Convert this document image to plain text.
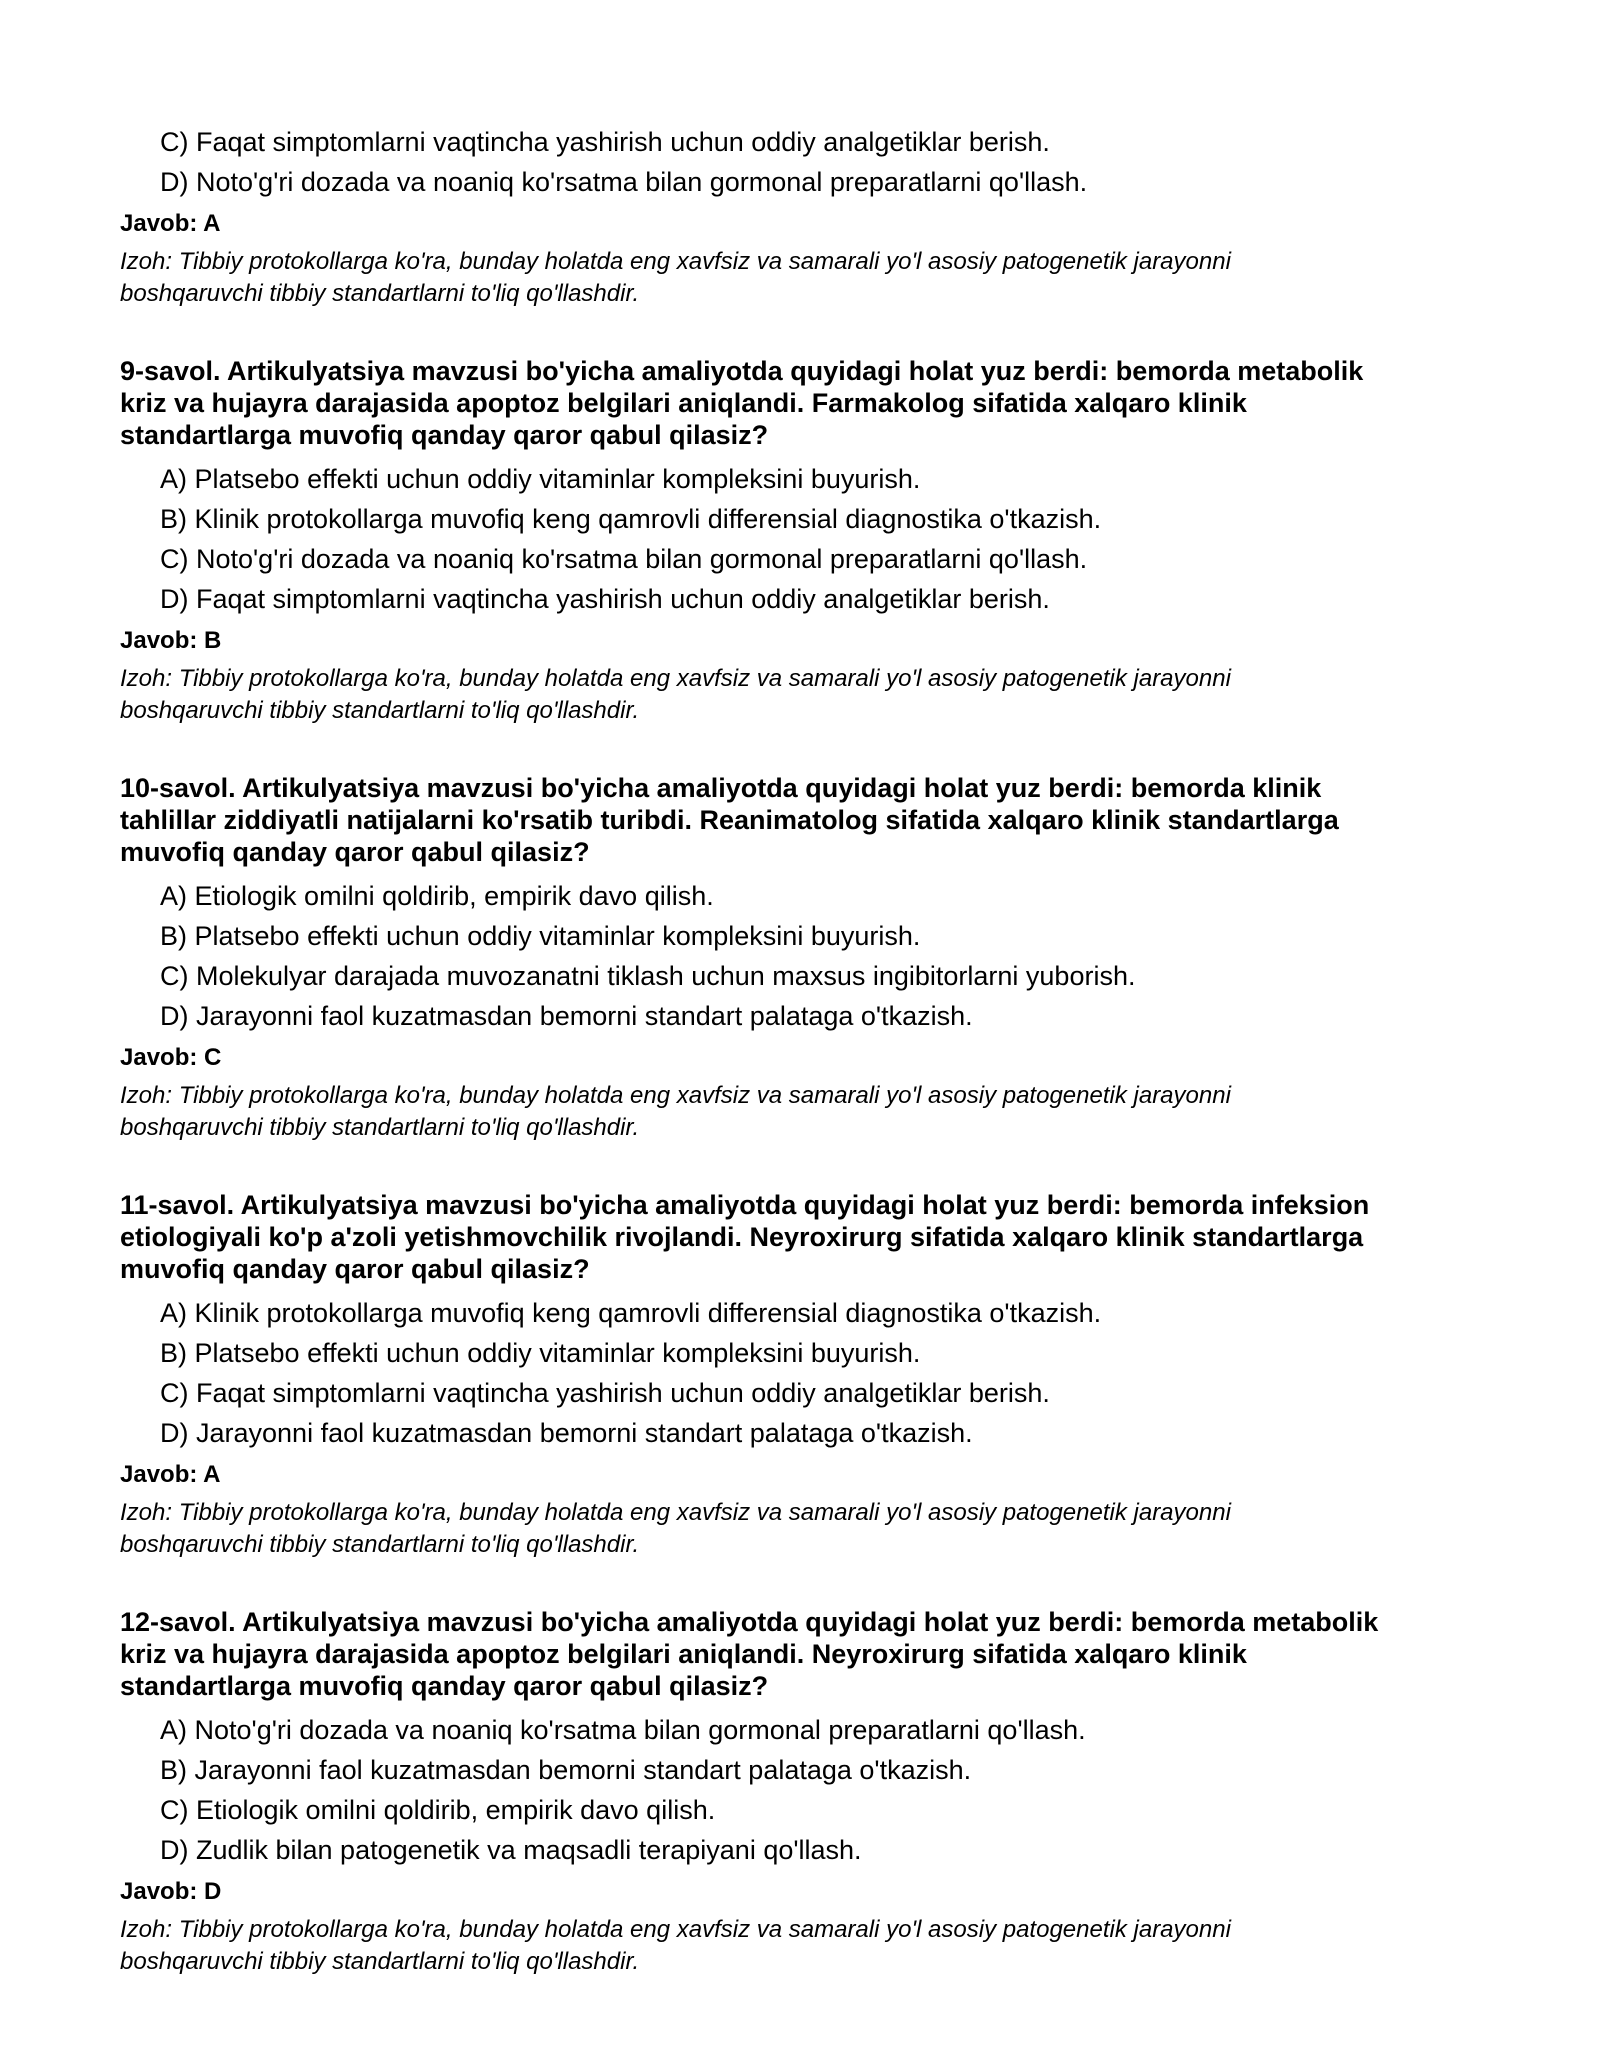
C) Faqat simptomlarni vaqtincha yashirish uchun oddiy analgetiklar berish.
D) Noto'g'ri dozada va noaniq ko'rsatma bilan gormonal preparatlarni qo'llash.
Javob: A
Izoh: Tibbiy protokollarga ko'ra, bunday holatda eng xavfsiz va samarali yo'l asosiy patogenetik jarayonni
boshqaruvchi tibbiy standartlarni to'liq qo'llashdir.
9-savol. Artikulyatsiya mavzusi bo'yicha amaliyotda quyidagi holat yuz berdi: bemorda metabolik
kriz va hujayra darajasida apoptoz belgilari aniqlandi. Farmakolog sifatida xalqaro klinik
standartlarga muvofiq qanday qaror qabul qilasiz?
A) Platsebo effekti uchun oddiy vitaminlar kompleksini buyurish.
B) Klinik protokollarga muvofiq keng qamrovli differensial diagnostika o'tkazish.
C) Noto'g'ri dozada va noaniq ko'rsatma bilan gormonal preparatlarni qo'llash.
D) Faqat simptomlarni vaqtincha yashirish uchun oddiy analgetiklar berish.
Javob: B
Izoh: Tibbiy protokollarga ko'ra, bunday holatda eng xavfsiz va samarali yo'l asosiy patogenetik jarayonni
boshqaruvchi tibbiy standartlarni to'liq qo'llashdir.
10-savol. Artikulyatsiya mavzusi bo'yicha amaliyotda quyidagi holat yuz berdi: bemorda klinik
tahlillar ziddiyatli natijalarni ko'rsatib turibdi. Reanimatolog sifatida xalqaro klinik standartlarga
muvofiq qanday qaror qabul qilasiz?
A) Etiologik omilni qoldirib, empirik davo qilish.
B) Platsebo effekti uchun oddiy vitaminlar kompleksini buyurish.
C) Molekulyar darajada muvozanatni tiklash uchun maxsus ingibitorlarni yuborish.
D) Jarayonni faol kuzatmasdan bemorni standart palataga o'tkazish.
Javob: C
Izoh: Tibbiy protokollarga ko'ra, bunday holatda eng xavfsiz va samarali yo'l asosiy patogenetik jarayonni
boshqaruvchi tibbiy standartlarni to'liq qo'llashdir.
11-savol. Artikulyatsiya mavzusi bo'yicha amaliyotda quyidagi holat yuz berdi: bemorda infeksion
etiologiyali ko'p a'zoli yetishmovchilik rivojlandi. Neyroxirurg sifatida xalqaro klinik standartlarga
muvofiq qanday qaror qabul qilasiz?
A) Klinik protokollarga muvofiq keng qamrovli differensial diagnostika o'tkazish.
B) Platsebo effekti uchun oddiy vitaminlar kompleksini buyurish.
C) Faqat simptomlarni vaqtincha yashirish uchun oddiy analgetiklar berish.
D) Jarayonni faol kuzatmasdan bemorni standart palataga o'tkazish.
Javob: A
Izoh: Tibbiy protokollarga ko'ra, bunday holatda eng xavfsiz va samarali yo'l asosiy patogenetik jarayonni
boshqaruvchi tibbiy standartlarni to'liq qo'llashdir.
12-savol. Artikulyatsiya mavzusi bo'yicha amaliyotda quyidagi holat yuz berdi: bemorda metabolik
kriz va hujayra darajasida apoptoz belgilari aniqlandi. Neyroxirurg sifatida xalqaro klinik
standartlarga muvofiq qanday qaror qabul qilasiz?
A) Noto'g'ri dozada va noaniq ko'rsatma bilan gormonal preparatlarni qo'llash.
B) Jarayonni faol kuzatmasdan bemorni standart palataga o'tkazish.
C) Etiologik omilni qoldirib, empirik davo qilish.
D) Zudlik bilan patogenetik va maqsadli terapiyani qo'llash.
Javob: D
Izoh: Tibbiy protokollarga ko'ra, bunday holatda eng xavfsiz va samarali yo'l asosiy patogenetik jarayonni
boshqaruvchi tibbiy standartlarni to'liq qo'llashdir.
